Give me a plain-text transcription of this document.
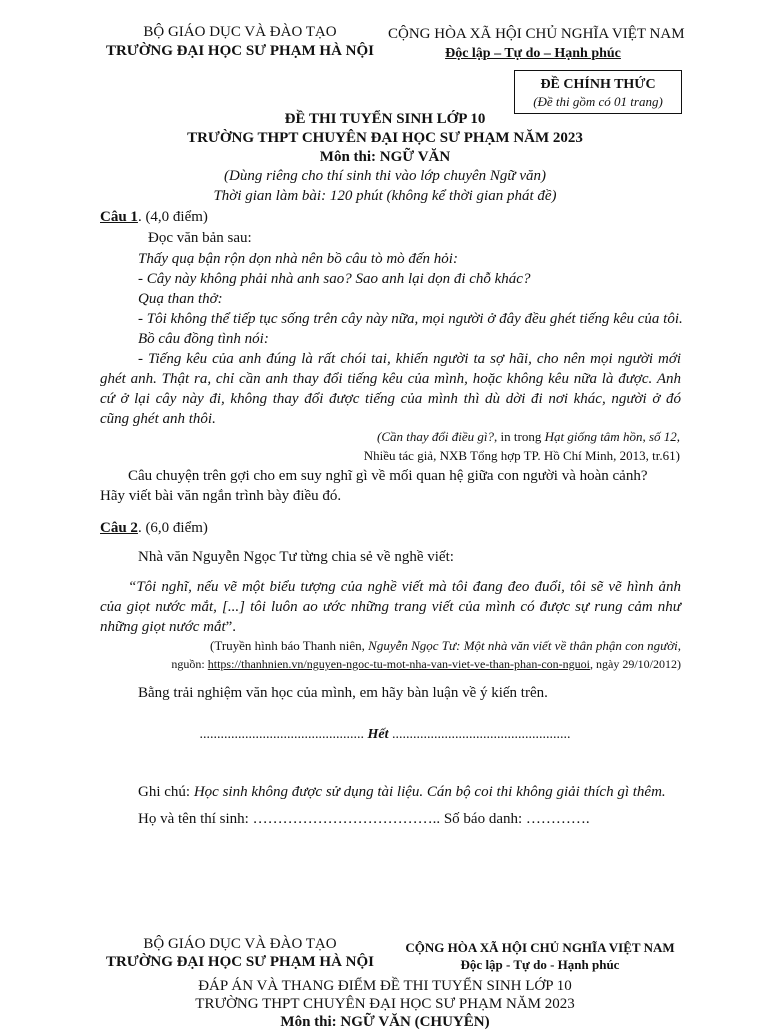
BỘ GIÁO DỤC VÀ ĐÀO TẠO
TRƯỜNG ĐẠI HỌC SƯ PHẠM HÀ NỘI
CỘNG HÒA XÃ HỘI CHỦ NGHĨA VIỆT NAM
Độc lập – Tự do – Hạnh phúc
ĐỀ CHÍNH THỨC
(Đề thi gồm có 01 trang)
ĐỀ THI TUYỂN SINH LỚP 10
TRƯỜNG THPT CHUYÊN ĐẠI HỌC SƯ PHẠM NĂM 2023
Môn thi: NGỮ VĂN
(Dùng riêng cho thí sinh thi vào lớp chuyên Ngữ văn)
Thời gian làm bài: 120 phút (không kể thời gian phát đề)
Câu 1. (4,0 điểm)
Đọc văn bản sau:
Thấy quạ bận rộn dọn nhà nên bồ câu tò mò đến hỏi:
- Cây này không phải nhà anh sao? Sao anh lại dọn đi chỗ khác?
Quạ than thở:
- Tôi không thể tiếp tục sống trên cây này nữa, mọi người ở đây đều ghét tiếng kêu của tôi.
Bồ câu đồng tình nói:
- Tiếng kêu của anh đúng là rất chói tai, khiến người ta sợ hãi, cho nên mọi người mới
ghét anh. Thật ra, chỉ cần anh thay đổi tiếng kêu của mình, hoặc không kêu nữa là được. Anh
cứ ở lại cây này đi, không thay đổi được tiếng của mình thì dù dời đi nơi khác, người ở đó
cũng ghét anh thôi.
(Cần thay đổi điều gì?, in trong Hạt giống tâm hồn, số 12,
Nhiều tác giả, NXB Tổng hợp TP. Hồ Chí Minh, 2013, tr.61)
Câu chuyện trên gợi cho em suy nghĩ gì về mối quan hệ giữa con người và hoàn cảnh?
Hãy viết bài văn ngắn trình bày điều đó.
Câu 2. (6,0 điểm)
Nhà văn Nguyễn Ngọc Tư từng chia sẻ về nghề viết:
“Tôi nghĩ, nếu vẽ một biểu tượng của nghề viết mà tôi đang đeo đuổi, tôi sẽ vẽ hình ảnh
của giọt nước mắt, [...] tôi luôn ao ước những trang viết của mình có được sự rung cảm như
những giọt nước mắt”.
(Truyền hình báo Thanh niên, Nguyễn Ngọc Tư: Một nhà văn viết về thân phận con người,
nguồn: https://thanhnien.vn/nguyen-ngoc-tu-mot-nha-van-viet-ve-than-phan-con-nguoi, ngày 29/10/2012)
Bằng trải nghiệm văn học của mình, em hãy bàn luận về ý kiến trên.
............................................... Hết ...................................................
Ghi chú: Học sinh không được sử dụng tài liệu. Cán bộ coi thi không giải thích gì thêm.
Họ và tên thí sinh: ……………………………….. Số báo danh: ………….
BỘ GIÁO DỤC VÀ ĐÀO TẠO
TRƯỜNG ĐẠI HỌC SƯ PHẠM HÀ NỘI
CỘNG HÒA XÃ HỘI CHỦ NGHĨA VIỆT NAM
Độc lập - Tự do - Hạnh phúc
ĐÁP ÁN VÀ THANG ĐIỂM ĐỀ THI TUYỂN SINH LỚP 10
TRƯỜNG THPT CHUYÊN ĐẠI HỌC SƯ PHẠM NĂM 2023
Môn thi: NGỮ VĂN (CHUYÊN)
